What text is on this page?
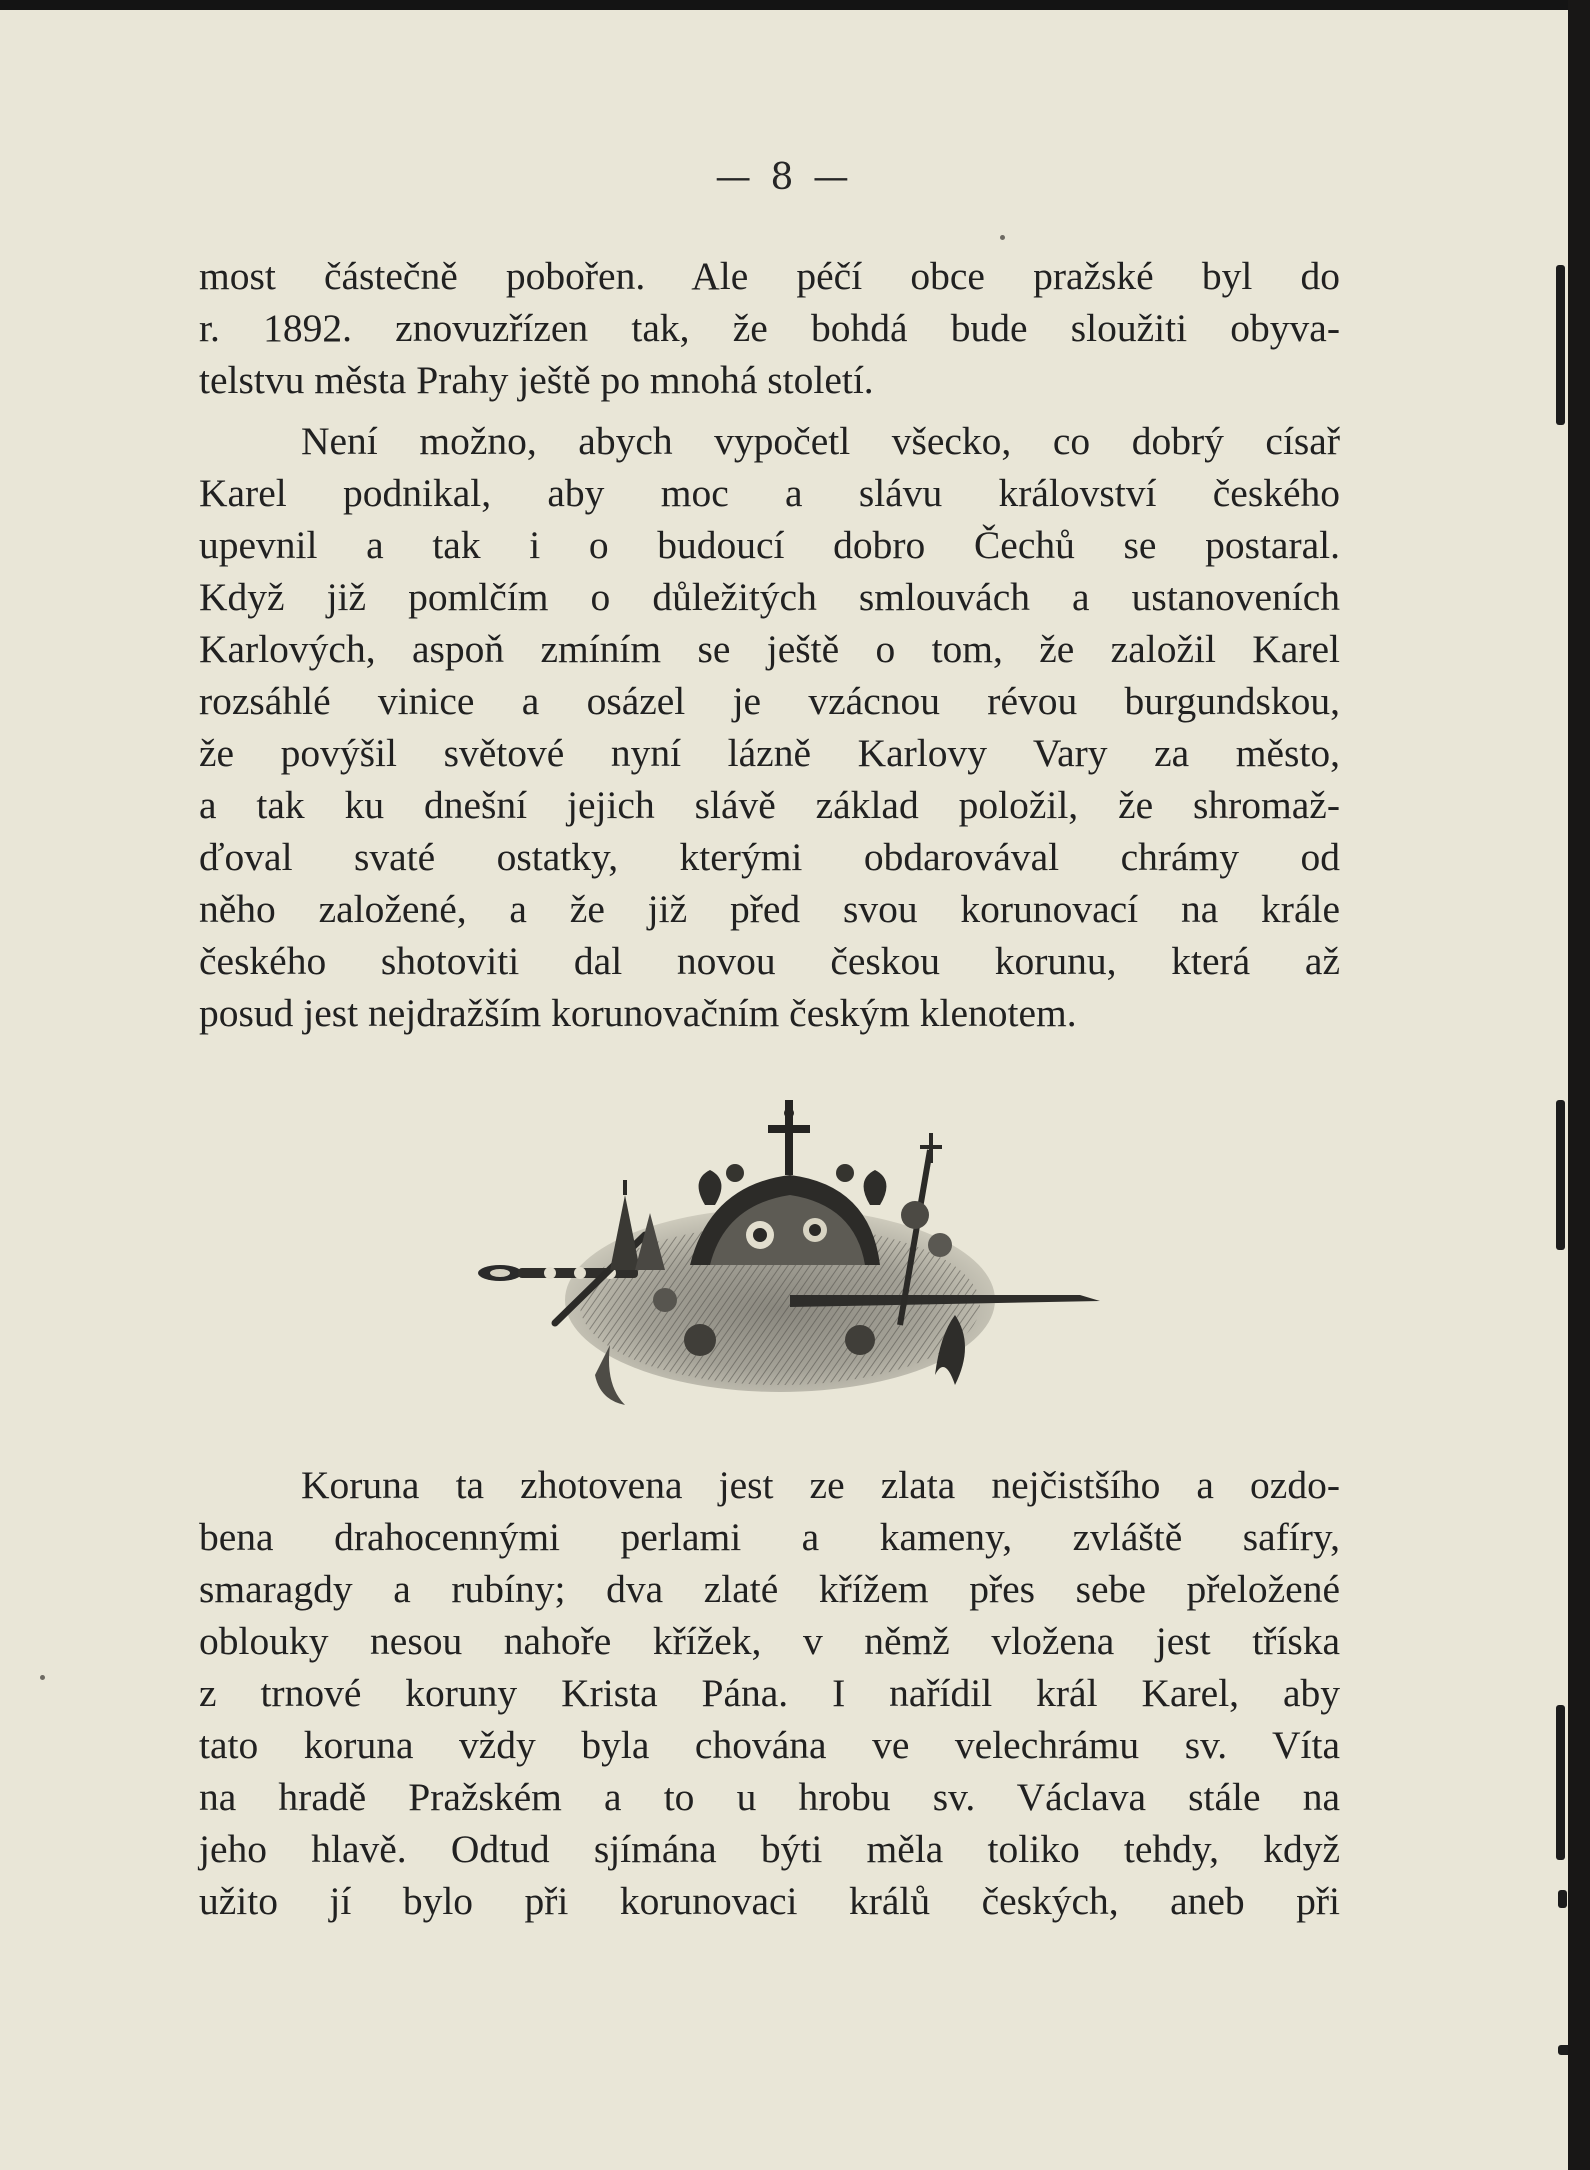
— 8 —
most částečně pobořen. Ale péčí obce pražské byl do
r. 1892. znovuzřízen tak, že bohdá bude sloužiti obyva-
telstvu města Prahy ještě po mnohá století.
Není možno, abych vypočetl všecko, co dobrý císař
Karel podnikal, aby moc a slávu království českého
upevnil a tak i o budoucí dobro Čechů se postaral.
Když již pomlčím o důležitých smlouvách a ustanoveních
Karlových, aspoň zmíním se ještě o tom, že založil Karel
rozsáhlé vinice a osázel je vzácnou révou burgundskou,
že povýšil světové nyní lázně Karlovy Vary za město,
a tak ku dnešní jejich slávě základ položil, že shromaž-
ďoval svaté ostatky, kterými obdarovával chrámy od
něho založené, a že již před svou korunovací na krále
českého shotoviti dal novou českou korunu, která až
posud jest nejdražším korunovačním českým klenotem.
Koruna ta zhotovena jest ze zlata nejčistšího a ozdo-
bena drahocennými perlami a kameny, zvláště safíry,
smaragdy a rubíny; dva zlaté křížem přes sebe přeložené
oblouky nesou nahoře křížek, v němž vložena jest tříska
z trnové koruny Krista Pána. I nařídil král Karel, aby
tato koruna vždy byla chována ve velechrámu sv. Víta
na hradě Pražském a to u hrobu sv. Václava stále na
jeho hlavě. Odtud sjímána býti měla toliko tehdy, když
užito jí bylo při korunovaci králů českých, aneb při
